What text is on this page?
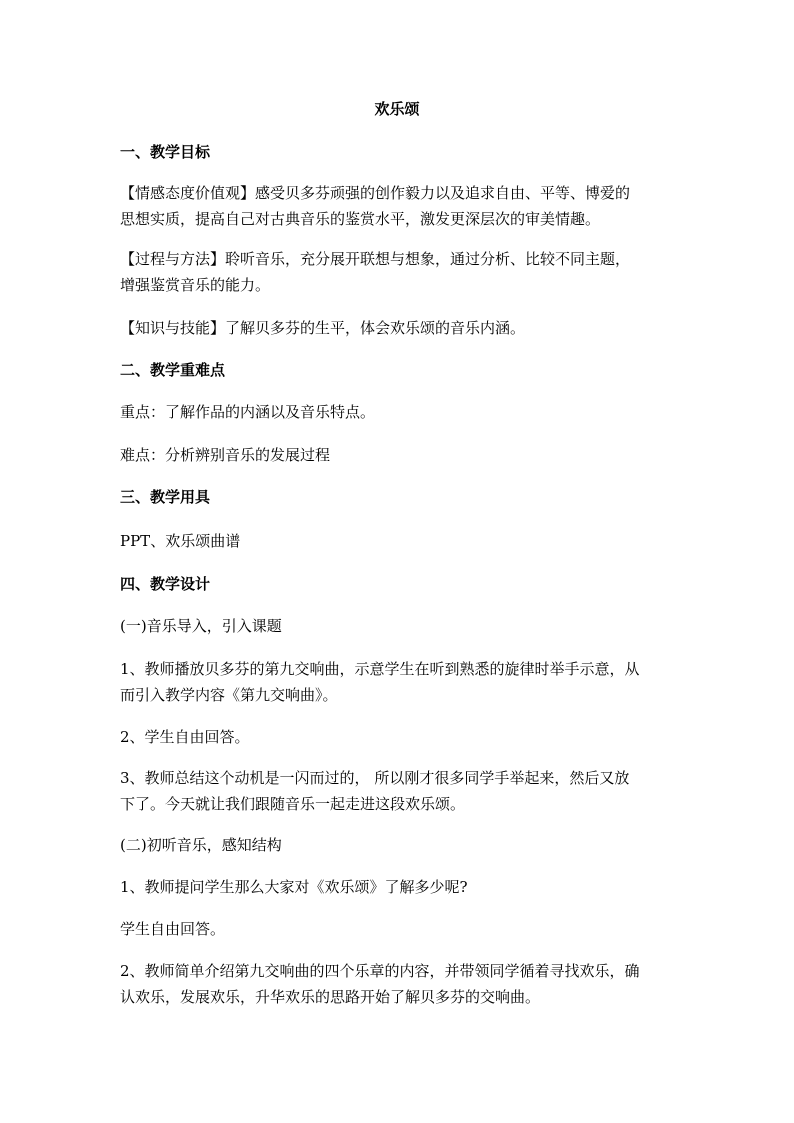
欢乐颂
一、教学目标
【情感态度价值观】感受贝多芬顽强的创作毅力以及追求自由、平等、博爱的
思想实质，提高自己对古典音乐的鉴赏水平，激发更深层次的审美情趣。
【过程与方法】聆听音乐，充分展开联想与想象，通过分析、比较不同主题，
增强鉴赏音乐的能力。
【知识与技能】了解贝多芬的生平，体会欢乐颂的音乐内涵。
二、教学重难点
重点：了解作品的内涵以及音乐特点。
难点：分析辨别音乐的发展过程
三、教学用具
PPT、欢乐颂曲谱
四、教学设计
(一)音乐导入，引入课题
1、教师播放贝多芬的第九交响曲，示意学生在听到熟悉的旋律时举手示意，从
而引入教学内容《第九交响曲》。
2、学生自由回答。
3、教师总结这个动机是一闪而过的， 所以刚才很多同学手举起来，然后又放
下了。今天就让我们跟随音乐一起走进这段欢乐颂。
(二)初听音乐，感知结构
1、教师提问学生那么大家对《欢乐颂》了解多少呢?
学生自由回答。
2、教师简单介绍第九交响曲的四个乐章的内容，并带领同学循着寻找欢乐，确
认欢乐，发展欢乐，升华欢乐的思路开始了解贝多芬的交响曲。
